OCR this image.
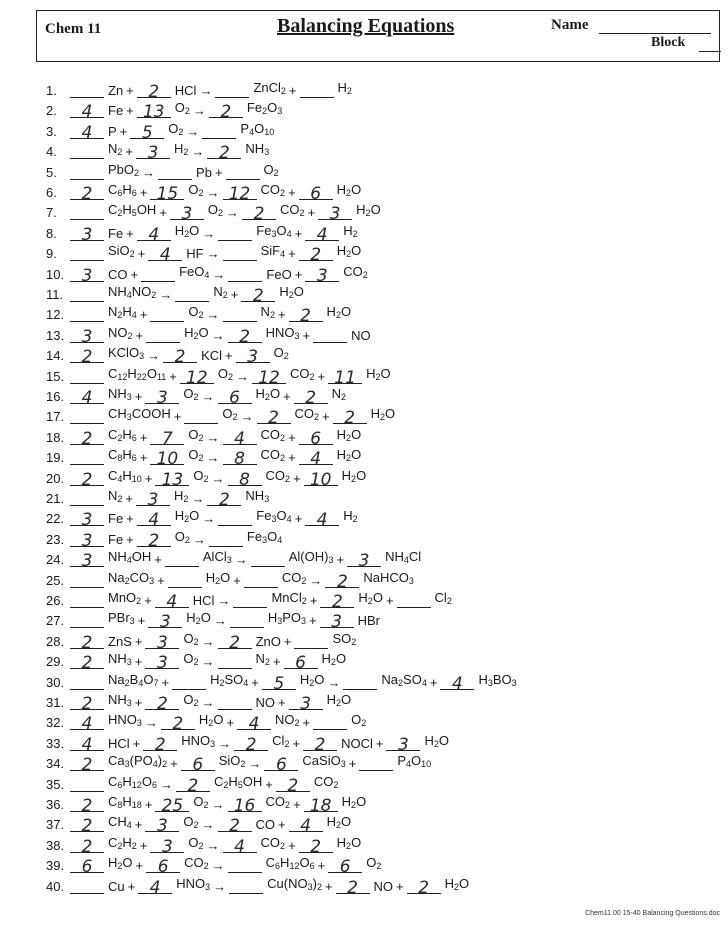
Chem 11	Balancing Equations	Name
Block
1.	Zn + 2	HCl →	ZnCl$_2$ +	$H_2$
2.	4	Fe + 13 $O_2 \to 2$	$Fe_2O_3$
3.	4	P + 5	$O_2$ →	$P_4O_{10}$
4.	$N_2 + 3$	$H_2 \to 2$	$NH_3$
5.	PbO$_2$ →	Pb +	$O_2$
6.	2	$C_6H_6 + 15$ $O_2 \to 12$ $CO_2 + 6$	$H_2O$
7.	$C_2H_5OH + 3$	$O_2 \to 2$	$CO_2 + 3$	$H_2O$
8.	3	Fe + 4	$H_2O$ →	$Fe_3O_4 + 4$	$H_2$
9.	SiO$_2$ + 4	HF →	SiF$_4$ + 2	$H_2O$
10.	3	CO +	FeO$_4$ →	FeO + 3	$CO_2$
11.	$NH_4NO_2$ →	$N_2 + 2$	$H_2O$
12.	$N_2H_4$ +	$O_2$ →	$N_2 + 2$	$H_2O$
13.	3	$NO_2$ +	$H_2O \to 2$	$HNO_3$ +	NO
14.	2	KClO$_3$ → 2	KCl + 3	$O_2$
15.	$C_{12}H_{22}O_{11} + 12$ $O_2 \to 12$ $CO_2 + 11$ $H_2O$
16.	4	$NH_3 + 3$	$O_2 \to 6$	$H_2O + 2$	$N_2$
17.	$CH_3COOH$ +	$O_2 \to 2$	$CO_2 + 2$	$H_2O$
18.	2	$C_2H_6 + 7$	$O_2 \to 4$	$CO_2 + 6$	$H_2O$
19.	$C_8H_6 + 10$ $O_2 \to 8$	$CO_2 + 4$	$H_2O$
20.	2	$C_4H_{10} + 13$ $O_2 \to 8$	$CO_2 + 10$ $H_2O$
21.	$N_2 + 3$	$H_2 \to 2$	$NH_3$
22.	3	Fe + 4	$H_2O$ →	$Fe_3O_4 + 4$	$H_2$
23.	3	Fe + 2	$O_2$ →	$Fe_3O_4$
24.	3	$NH_4OH$ +	AlCl$_3$ →	$Al(OH)_3 + 3$	$NH_4Cl$
25.	$Na_2CO_3$ +	$H_2O$ +	$CO_2 \to 2$	NaHCO$_3$
26.	MnO$_2$ + 4	HCl →	MnCl$_2$ + 2	$H_2O$ +	$Cl_2$
27.	PBr$_3$ + 3	$H_2O$ →	$H_3PO_3 + 3$	HBr
28.	2	ZnS + 3	$O_2 \to 2$	ZnO +	$SO_2$
29.	2	$NH_3 + 3$	$O_2$ →	$N_2 + 6$	$H_2O$
30.	$Na_2B_4O_7$ +	$H_2SO_4 + 5$	$H_2O$ →	$Na_2SO_4 + 4$	$H_3BO_3$
31.	2	$NH_3 + 2$	$O_2$ →	NO + 3	$H_2O$
32.	4	$HNO_3 \to 2$	$H_2O + 4$	$NO_2$ +	$O_2$
33.	4	HCl + 2	$HNO_3 \to 2$	$Cl_2 + 2$	NOCl + 3	$H_2O$
34.	2	$Ca_3(PO_4)_2 + 6$	SiO$_2$ → 6	CaSiO$_3$ +	$P_4O_{10}$
35.	$C_6H_{12}O_6 \to 2$	$C_2H_5OH + 2$	$CO_2$
36.	2	$C_8H_{18} + 25$ $O_2 \to 16$ $CO_2 + 18$ $H_2O$
37.	2	$CH_4 + 3$	$O_2 \to 2$	CO + 4	$H_2O$
38.	2	$C_2H_2 + 3$	$O_2 \to 4$	$CO_2 + 2$	$H_2O$
39.	6	$H_2O + 6$	$CO_2$ →	$C_6H_{12}O_6 + 6$	$O_2$
40.	Cu + 4	$HNO_3$ →	$Cu(NO_3)_2 + 2$	NO + 2	$H_2O$
Chem11 00 15-40 Balancing Questions.doc
